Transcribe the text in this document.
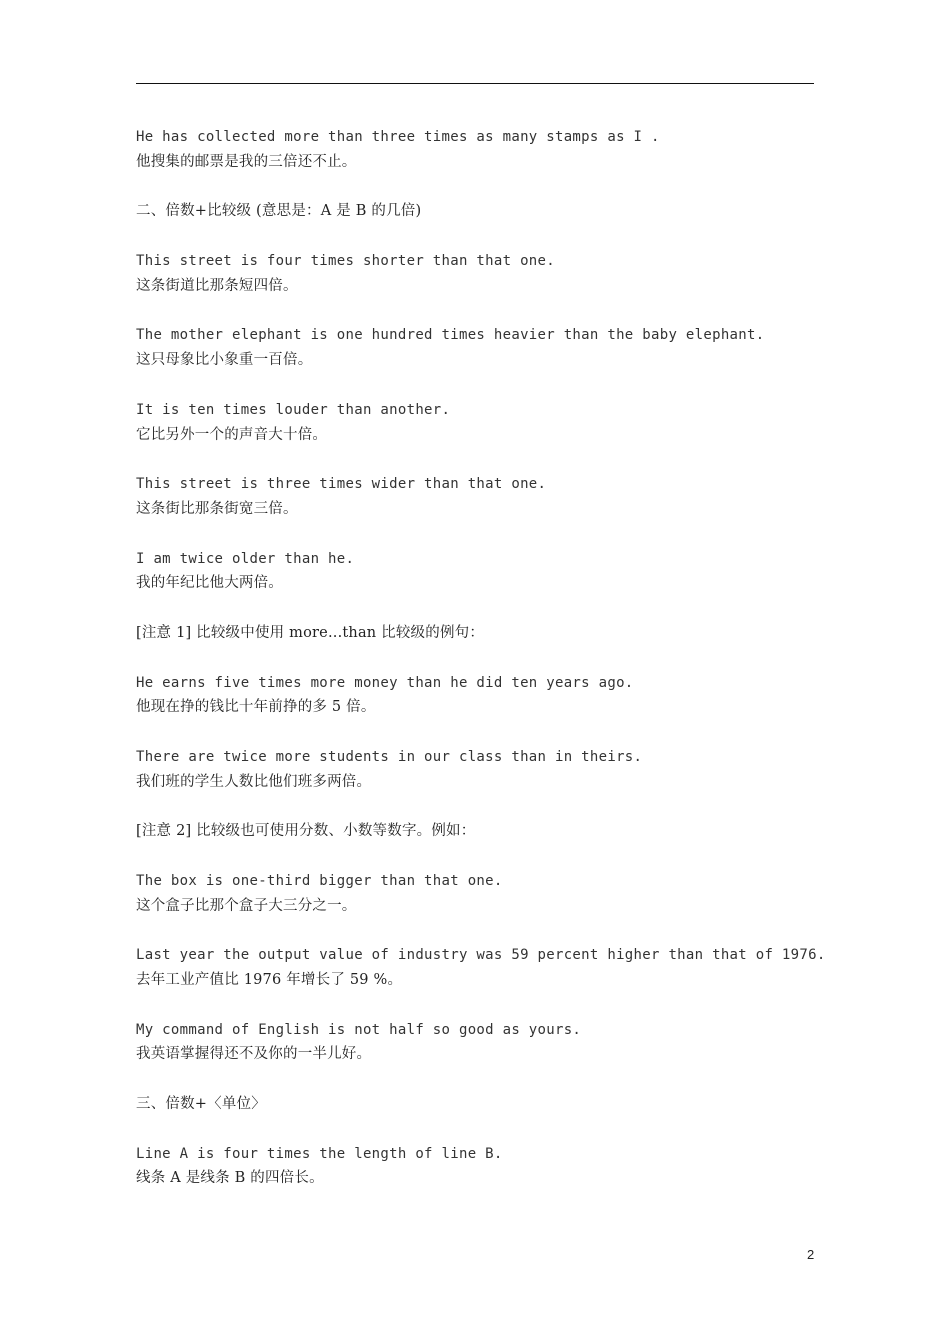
He has collected more than three times as many stamps as I .
他搜集的邮票是我的三倍还不止。
二、倍数+比较级 (意思是：A 是 B 的几倍)
This street is four times shorter than that one.
这条街道比那条短四倍。
The mother elephant is one hundred times heavier than the baby elephant.
这只母象比小象重一百倍。
It is ten times louder than another.
它比另外一个的声音大十倍。
This street is three times wider than that one.
这条街比那条街宽三倍。
I am twice older than he.
我的年纪比他大两倍。
[注意 1] 比较级中使用 more...than 比较级的例句：
He earns five times more money than he did ten years ago.
他现在挣的钱比十年前挣的多 5 倍。
There are twice more students in our class than in theirs.
我们班的学生人数比他们班多两倍。
[注意 2] 比较级也可使用分数、小数等数字。例如：
The box is one-third bigger than that one.
这个盒子比那个盒子大三分之一。
Last year the output value of industry was 59 percent higher than that of 1976.
去年工业产值比 1976 年增长了 59 %。
My command of English is not half so good as yours.
我英语掌握得还不及你的一半儿好。
三、倍数+〈单位〉
Line A is four times the length of line B.
线条 A 是线条 B 的四倍长。
2
